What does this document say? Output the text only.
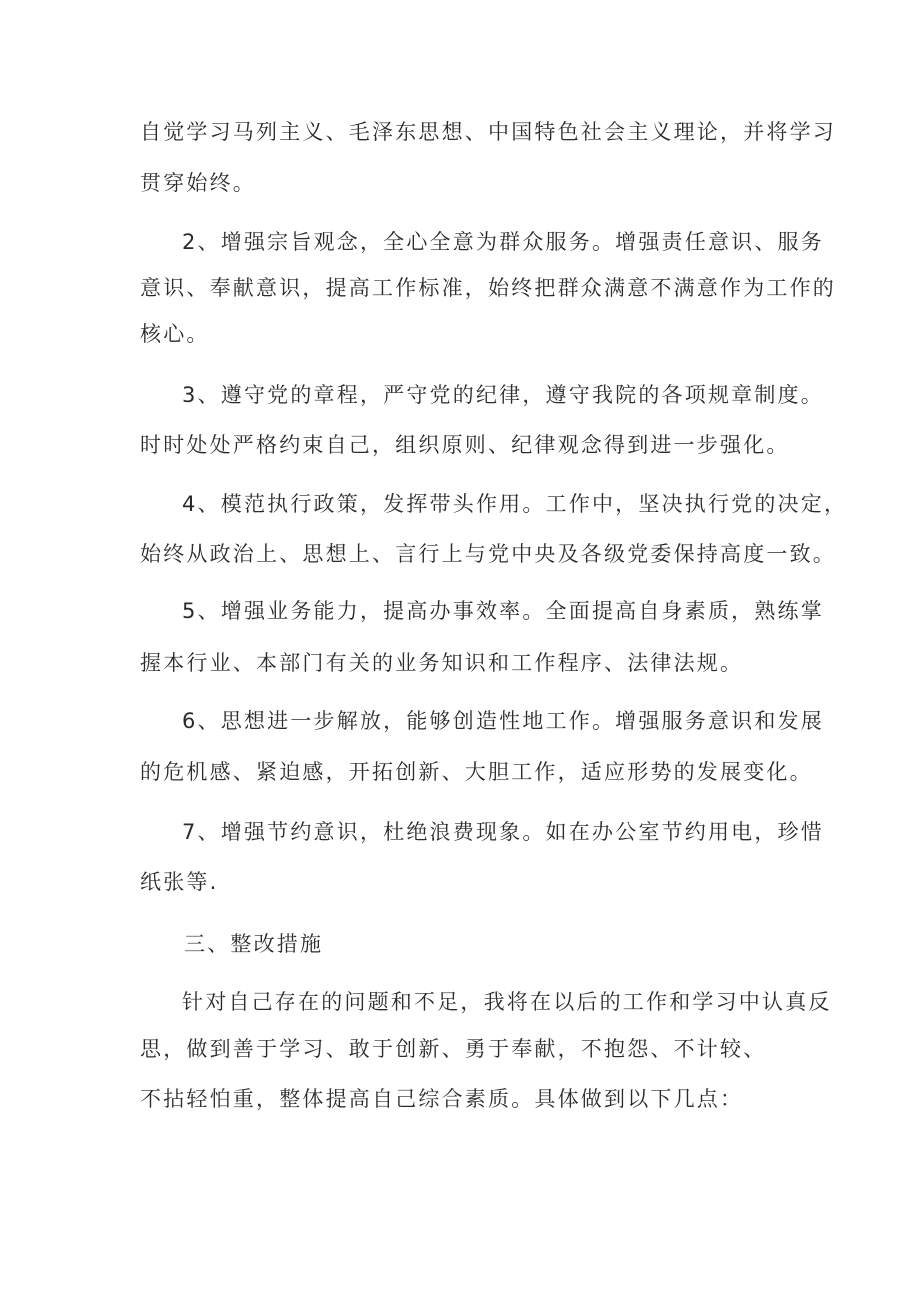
自觉学习马列主义、毛泽东思想、中国特色社会主义理论，并将学习
贯穿始终。
2、增强宗旨观念，全心全意为群众服务。增强责任意识、服务
意识、奉献意识，提高工作标准，始终把群众满意不满意作为工作的
核心。
3、遵守党的章程，严守党的纪律，遵守我院的各项规章制度。
时时处处严格约束自己，组织原则、纪律观念得到进一步强化。
4、模范执行政策，发挥带头作用。工作中，坚决执行党的决定，
始终从政治上、思想上、言行上与党中央及各级党委保持高度一致。
5、增强业务能力，提高办事效率。全面提高自身素质，熟练掌
握本行业、本部门有关的业务知识和工作程序、法律法规。
6、思想进一步解放，能够创造性地工作。增强服务意识和发展
的危机感、紧迫感，开拓创新、大胆工作，适应形势的发展变化。
7、增强节约意识，杜绝浪费现象。如在办公室节约用电，珍惜
纸张等.
三、整改措施
针对自己存在的问题和不足，我将在以后的工作和学习中认真反
思，做到善于学习、敢于创新、勇于奉献，不抱怨、不计较、
不拈轻怕重，整体提高自己综合素质。具体做到以下几点：
